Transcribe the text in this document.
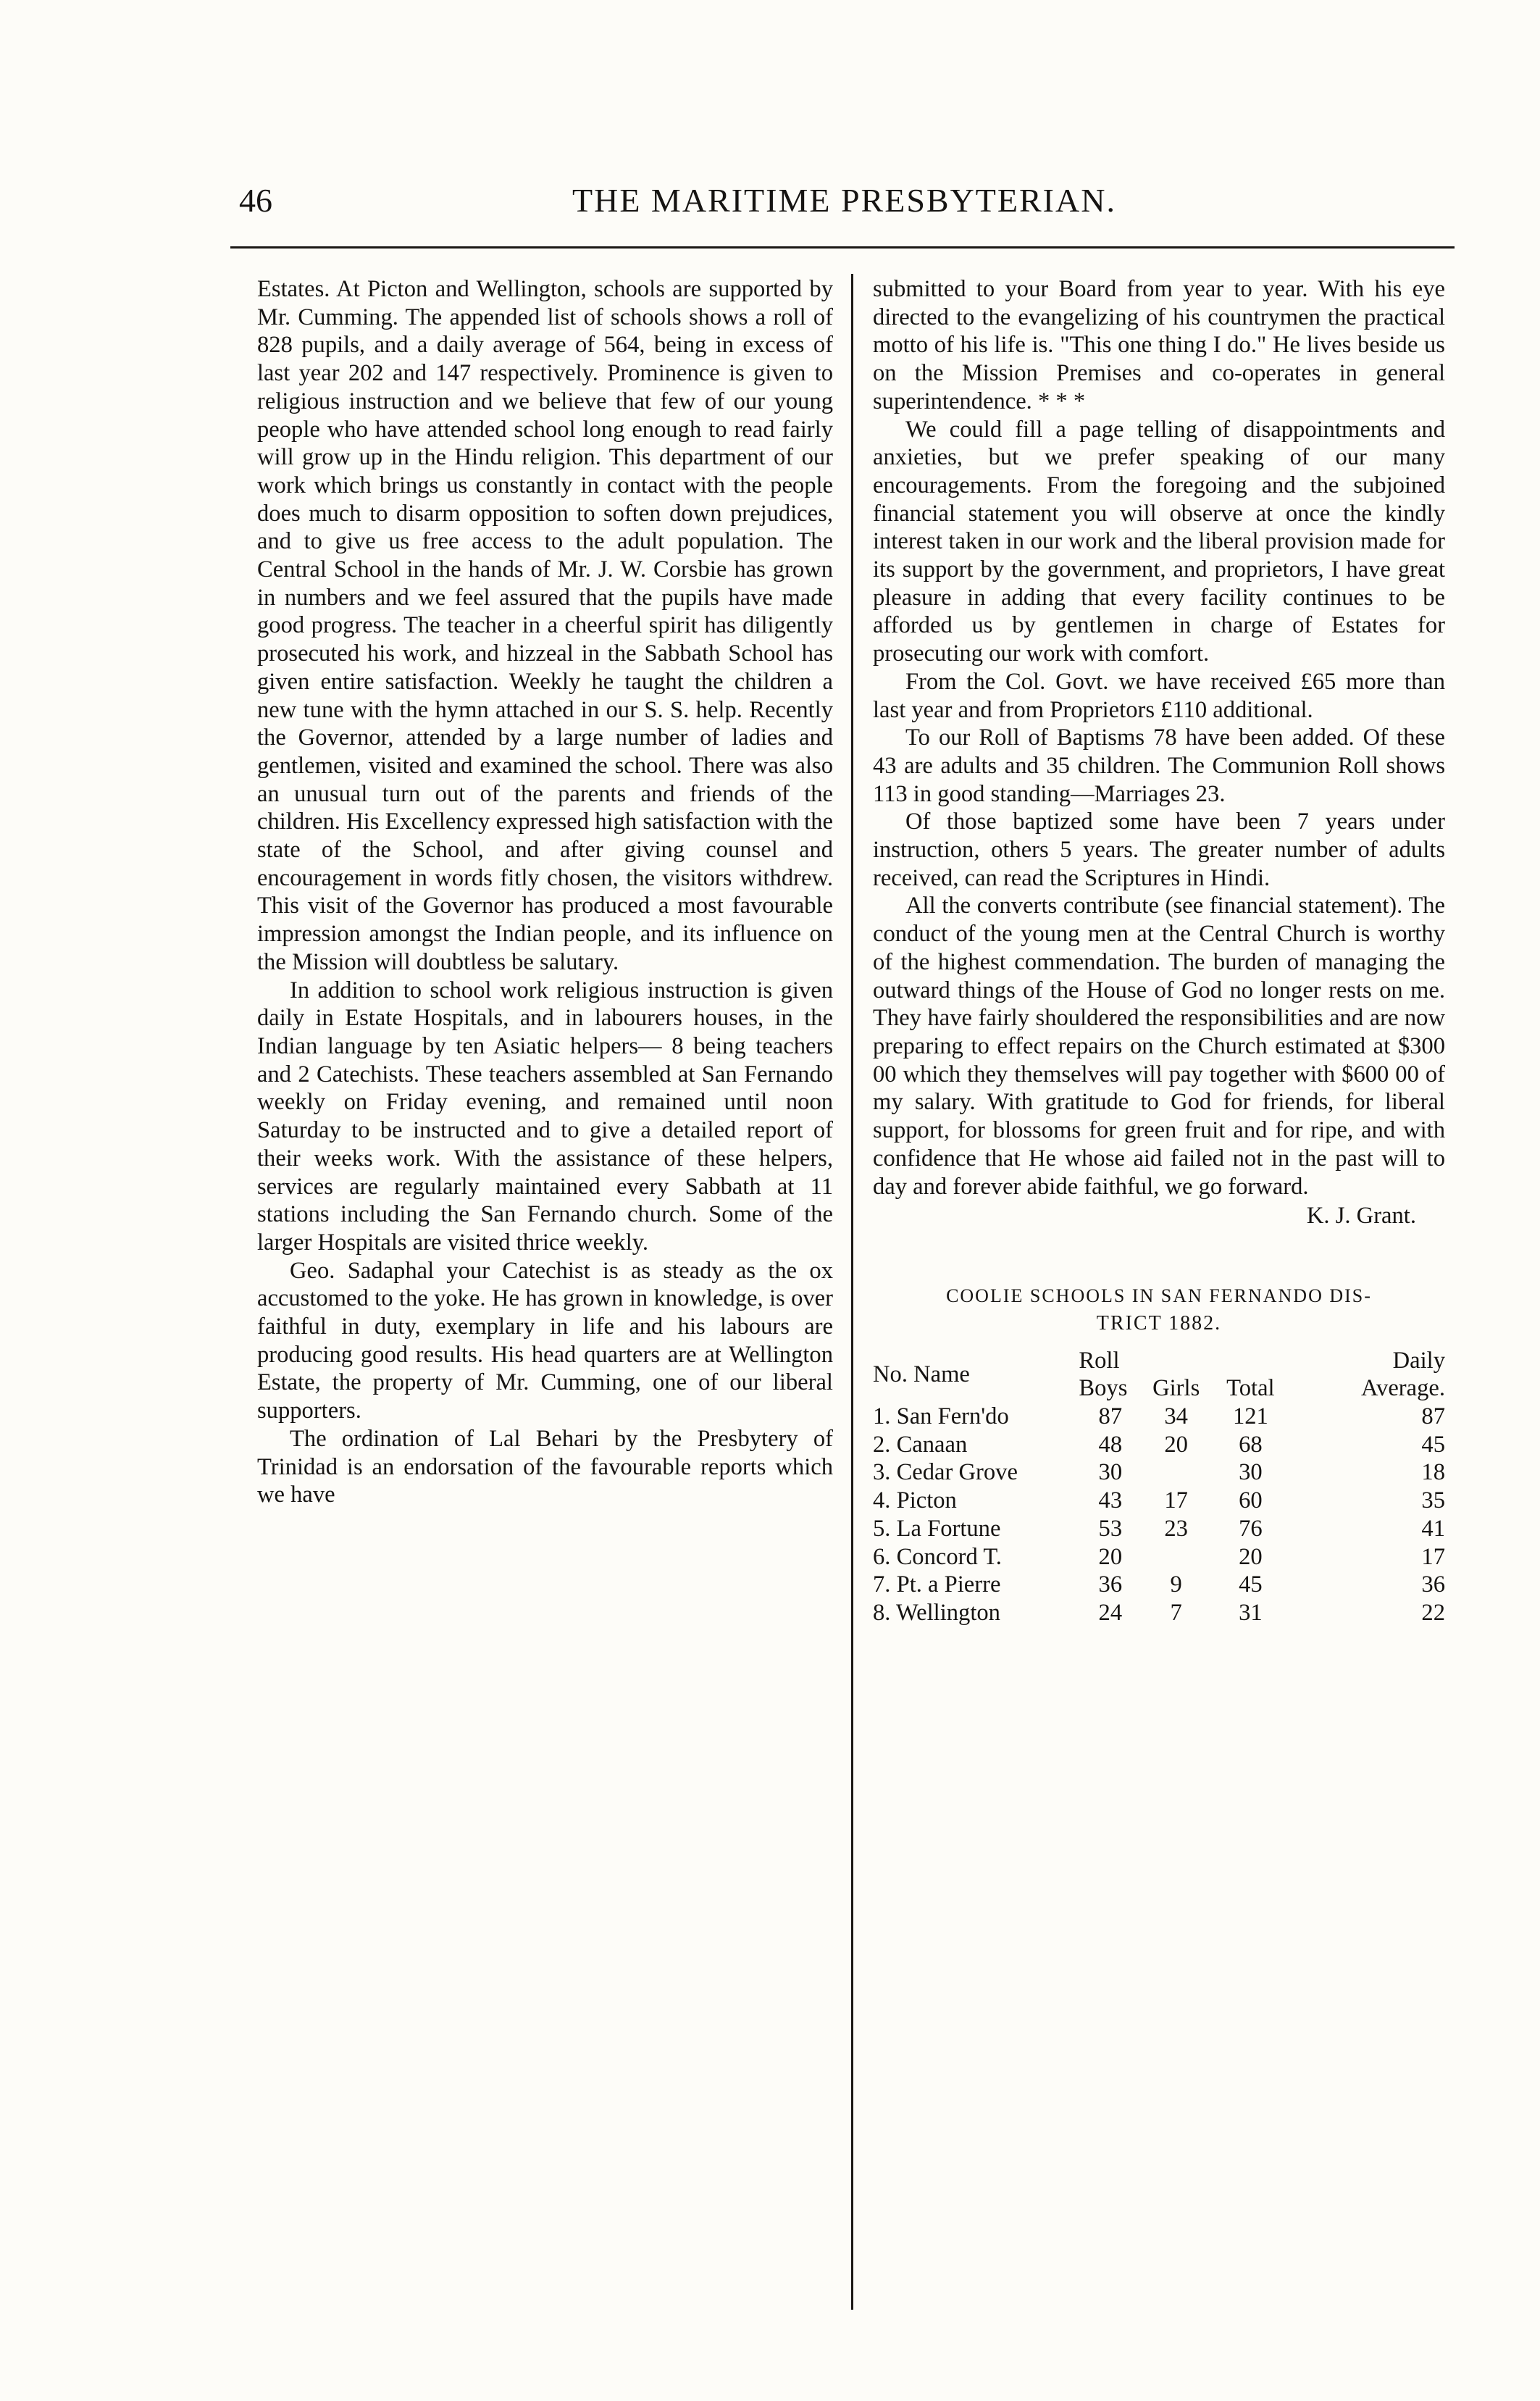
46	THE MARITIME PRESBYTERIAN.

Estates. At Picton and Wellington, schools are supported by Mr. Cumming. The appended list of schools shows a roll of 828 pupils, and a daily average of 564, being in excess of last year 202 and 147 respectively. Prominence is given to religious instruction and we believe that few of our young people who have attended school long enough to read fairly will grow up in the Hindu religion. This department of our work which brings us constantly in contact with the people does much to disarm opposition to soften down prejudices, and to give us free access to the adult population. The Central School in the hands of Mr. J. W. Corsbie has grown in numbers and we feel assured that the pupils have made good progress. The teacher in a cheerful spirit has diligently prosecuted his work, and hizzeal in the Sabbath School has given entire satisfaction. Weekly he taught the children a new tune with the hymn attached in our S. S. help. Recently the Governor, attended by a large number of ladies and gentlemen, visited and examined the school. There was also an unusual turn out of the parents and friends of the children. His Excellency expressed high satisfaction with the state of the School, and after giving counsel and encouragement in words fitly chosen, the visitors withdrew. This visit of the Governor has produced a most favourable impression amongst the Indian people, and its influence on the Mission will doubtless be salutary.

In addition to school work religious instruction is given daily in Estate Hospitals, and in labourers houses, in the Indian language by ten Asiatic helpers— 8 being teachers and 2 Catechists. These teachers assembled at San Fernando weekly on Friday evening, and remained until noon Saturday to be instructed and to give a detailed report of their weeks work. With the assistance of these helpers, services are regularly maintained every Sabbath at 11 stations including the San Fernando church. Some of the larger Hospitals are visited thrice weekly.

Geo. Sadaphal your Catechist is as steady as the ox accustomed to the yoke. He has grown in knowledge, is over faithful in duty, exemplary in life and his labours are producing good results. His head quarters are at Wellington Estate, the property of Mr. Cumming, one of our liberal supporters.

The ordination of Lal Behari by the Presbytery of Trinidad is an endorsation of the favourable reports which we have

submitted to your Board from year to year. With his eye directed to the evangelizing of his countrymen the practical motto of his life is. "This one thing I do." He lives beside us on the Mission Premises and co-operates in general superintendence. * * *

We could fill a page telling of disappointments and anxieties, but we prefer speaking of our many encouragements. From the foregoing and the subjoined financial statement you will observe at once the kindly interest taken in our work and the liberal provision made for its support by the government, and proprietors, I have great pleasure in adding that every facility continues to be afforded us by gentlemen in charge of Estates for prosecuting our work with comfort.

From the Col. Govt. we have received £65 more than last year and from Proprietors £110 additional.

To our Roll of Baptisms 78 have been added. Of these 43 are adults and 35 children. The Communion Roll shows 113 in good standing—Marriages 23.

Of those baptized some have been 7 years under instruction, others 5 years. The greater number of adults received, can read the Scriptures in Hindi.

All the converts contribute (see financial statement). The conduct of the young men at the Central Church is worthy of the highest commendation. The burden of managing the outward things of the House of God no longer rests on me. They have fairly shouldered the responsibilities and are now preparing to effect repairs on the Church estimated at $300 00 which they themselves will pay together with $600 00 of my salary. With gratitude to God for friends, for liberal support, for blossoms for green fruit and for ripe, and with confidence that He whose aid failed not in the past will to day and forever abide faithful, we go forward.

K. J. Grant.
COOLIE SCHOOLS IN SAN FERNANDO DIS-
TRICT 1882.
No. Name	Roll			Daily
	Boys	Girls	Total	Average.
1. San Fern'do	87	34	121	87
2. Canaan	48	20	68	45
3. Cedar Grove	30		30	18
4. Picton	43	17	60	35
5. La Fortune	53	23	76	41
6. Concord T.	20		20	17
7. Pt. a Pierre	36	9	45	36
8. Wellington	24	7	31	22
